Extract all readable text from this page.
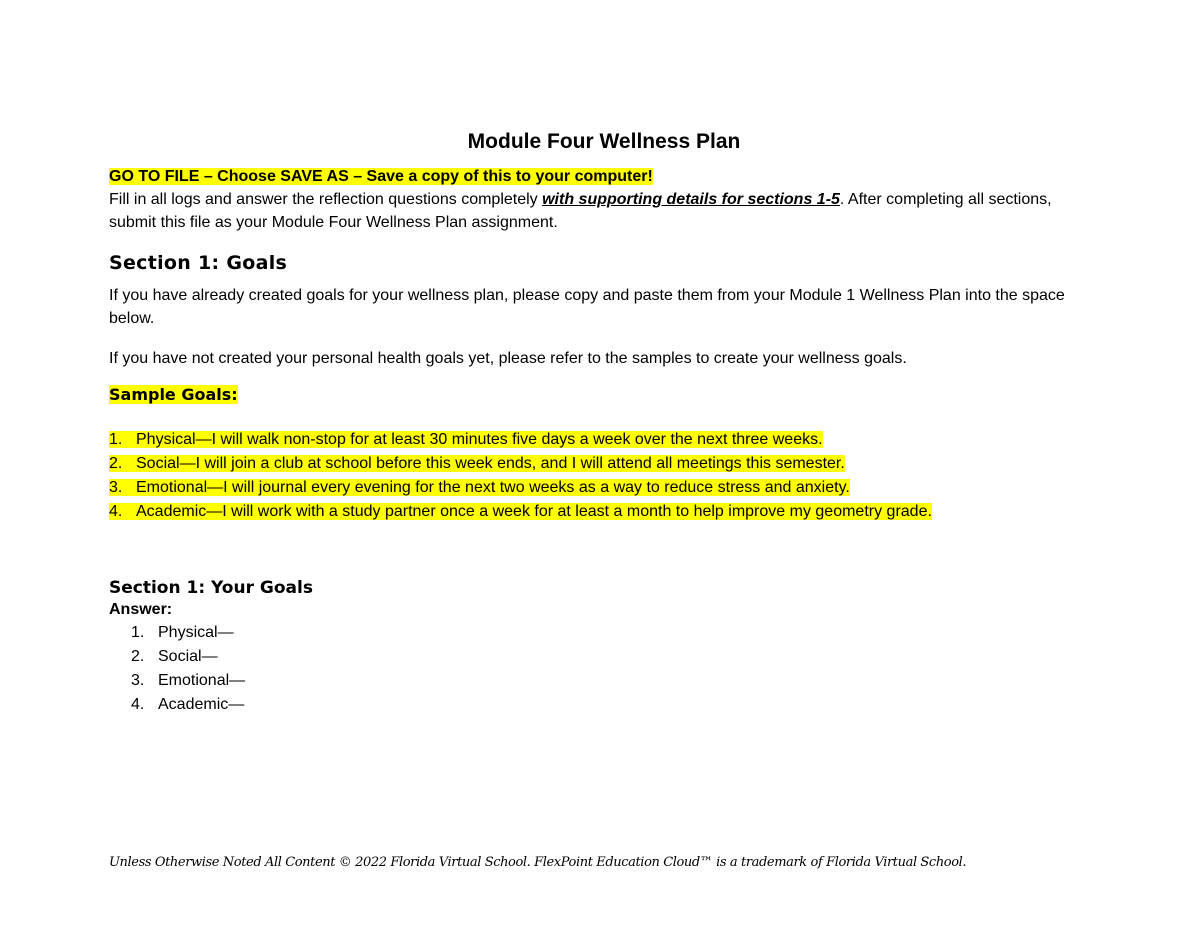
Module Four Wellness Plan
GO TO FILE – Choose SAVE AS – Save a copy of this to your computer!
Fill in all logs and answer the reflection questions completely with supporting details for sections 1-5. After completing all sections, submit this file as your Module Four Wellness Plan assignment.
Section 1: Goals
If you have already created goals for your wellness plan, please copy and paste them from your Module 1 Wellness Plan into the space below.
If you have not created your personal health goals yet, please refer to the samples to create your wellness goals.
Sample Goals:
1. Physical—I will walk non-stop for at least 30 minutes five days a week over the next three weeks.
2. Social—I will join a club at school before this week ends, and I will attend all meetings this semester.
3. Emotional—I will journal every evening for the next two weeks as a way to reduce stress and anxiety.
4. Academic—I will work with a study partner once a week for at least a month to help improve my geometry grade.
Section 1: Your Goals
Answer:
1. Physical—
2. Social—
3. Emotional—
4. Academic—
Unless Otherwise Noted All Content © 2022 Florida Virtual School. FlexPoint Education Cloud™ is a trademark of Florida Virtual School.
